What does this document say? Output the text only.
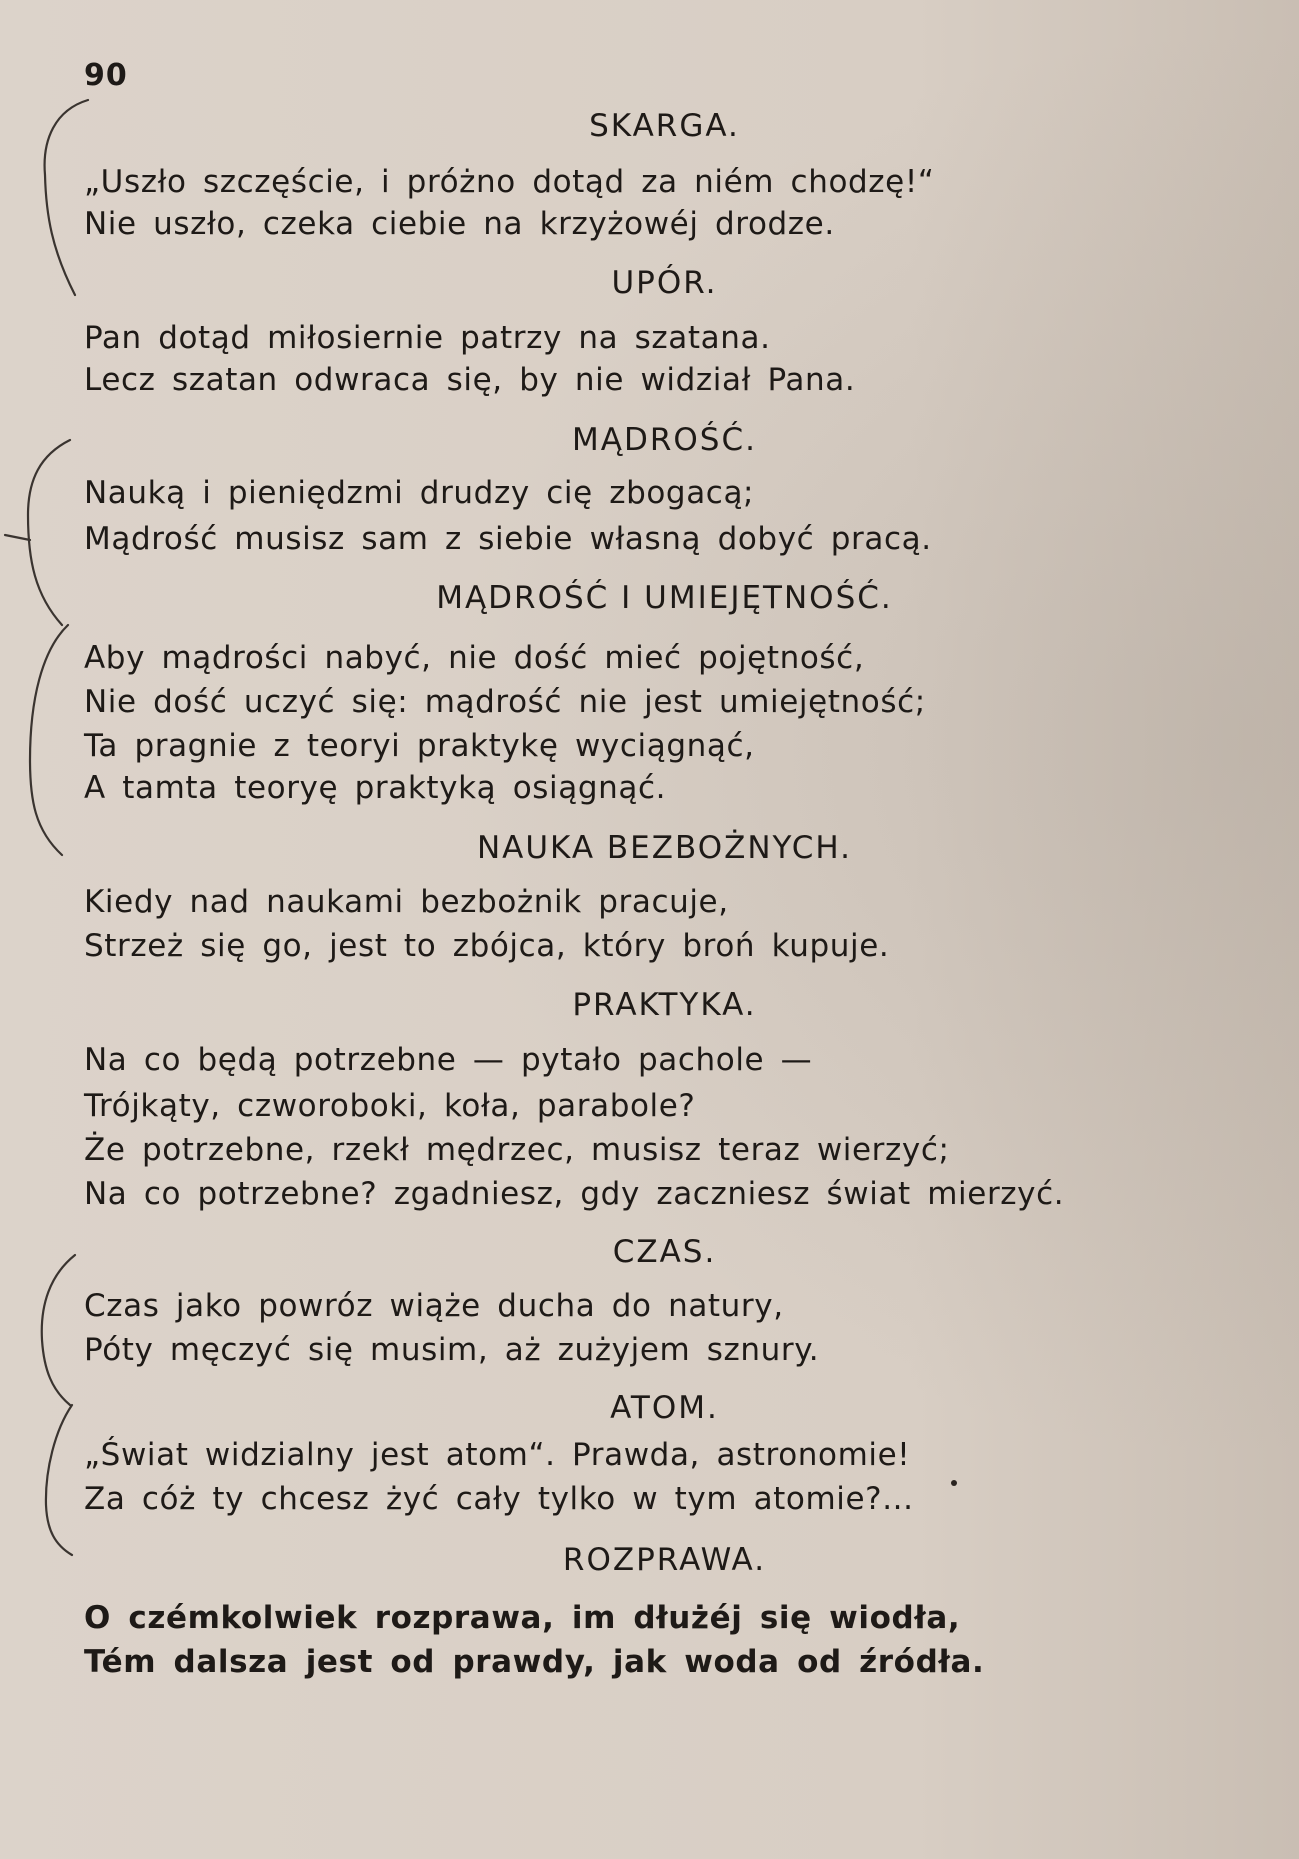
90
SKARGA.
„Uszło szczęście, i próżno dotąd za niém chodzę!“
Nie uszło, czeka ciebie na krzyżowéj drodze.
UPÓR.
Pan dotąd miłosiernie patrzy na szatana.
Lecz szatan odwraca się, by nie widział Pana.
MĄDROŚĆ.
Nauką i pieniędzmi drudzy cię zbogacą;
Mądrość musisz sam z siebie własną dobyć pracą.
MĄDROŚĆ I UMIEJĘTNOŚĆ.
Aby mądrości nabyć, nie dość mieć pojętność,
Nie dość uczyć się: mądrość nie jest umiejętność;
Ta pragnie z teoryi praktykę wyciągnąć,
A tamta teoryę praktyką osiągnąć.
NAUKA BEZBOŻNYCH.
Kiedy nad naukami bezbożnik pracuje,
Strzeż się go, jest to zbójca, który broń kupuje.
PRAKTYKA.
Na co będą potrzebne — pytało pachole —
Trójkąty, czworoboki, koła, parabole?
Że potrzebne, rzekł mędrzec, musisz teraz wierzyć;
Na co potrzebne? zgadniesz, gdy zaczniesz świat mierzyć.
CZAS.
Czas jako powróz wiąże ducha do natury,
Póty męczyć się musim, aż zużyjem sznury.
ATOM.
„Świat widzialny jest atom“. Prawda, astronomie!
Za cóż ty chcesz żyć cały tylko w tym atomie?...
ROZPRAWA.
O czémkolwiek rozprawa, im dłużéj się wiodła,
Tém dalsza jest od prawdy, jak woda od źródła.
